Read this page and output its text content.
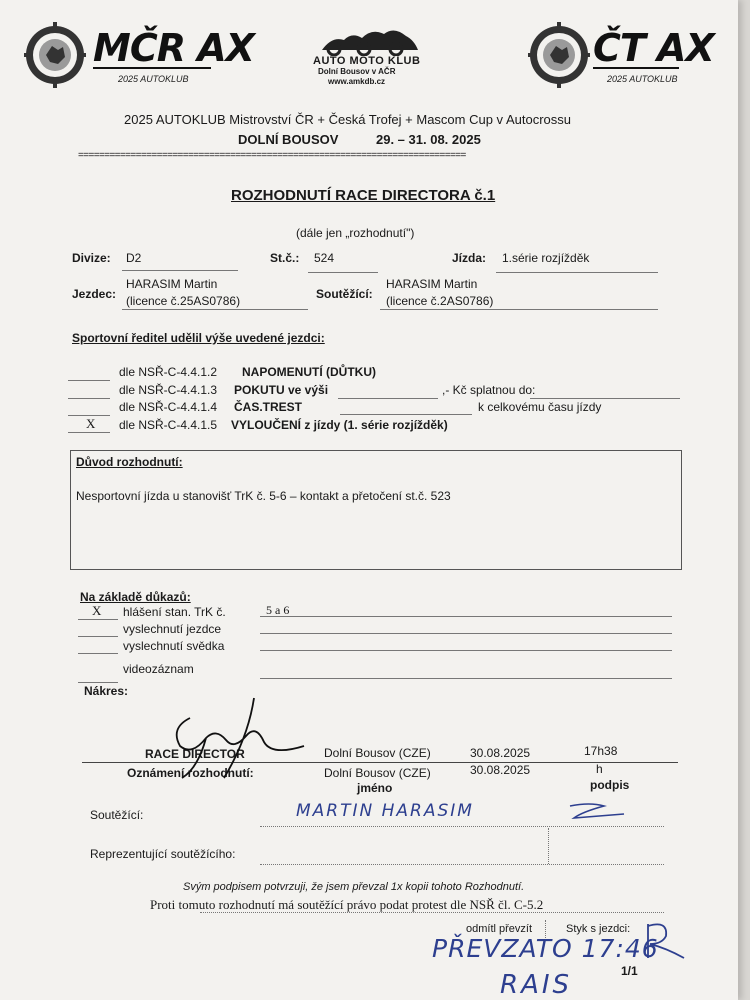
MČR AX
2025 AUTOKLUB
AUTO MOTO KLUB
Dolní Bousov v AČR
www.amkdb.cz
ČT AX
2025 AUTOKLUB
2025 AUTOKLUB Mistrovství ČR + Česká Trofej + Mascom Cup v Autocrossu
DOLNÍ BOUSOV	29. – 31. 08. 2025
==========================================================================
ROZHODNUTÍ RACE DIRECTORA č.1
(dále jen „rozhodnutí")
Divize: D2	St.č.: 524	Jízda: 1.série rozjížděk
Jezdec:
HARASIM Martin
(licence č.25AS0786)	Soutěžící:
HARASIM Martin
(licence č.2AS0786)
Sportovní ředitel udělil výše uvedené jezdci:
dle NSŘ-C-4.4.1.2 NAPOMENUTÍ (DŮTKU)
dle NSŘ-C-4.4.1.3 POKUTU ve výši	,- Kč splatnou do:
dle NSŘ-C-4.4.1.4 ČAS.TREST	k celkovému času jízdy
X dle NSŘ-C-4.4.1.5 VYLOUČENÍ z jízdy (1. série rozjížděk)
Důvod rozhodnutí:
Nesportovní jízda u stanovišť TrK č. 5-6 – kontakt a přetočení st.č. 523
Na základě důkazů:
X hlášení stan. TrK č.	5 a 6
vyslechnutí jezdce
vyslechnutí svědka
videozáznam
Nákres:
RACE DIRECTOR	Dolní Bousov (CZE)	30.08.2025	17h38
Oznámení rozhodnutí:	Dolní Bousov (CZE)	30.08.2025	h
jméno	podpis
Soutěžící:	MARTIN HARASIM
Reprezentující soutěžícího:
Svým podpisem potvrzuji, že jsem převzal 1x kopii tohoto Rozhodnutí.
Proti tomuto rozhodnutí má soutěžící právo podat protest dle NSŘ čl. C-5.2
odmítl převzít	Styk s jezdci:
1/1
PŘEVZATO 17:46
RAIS
